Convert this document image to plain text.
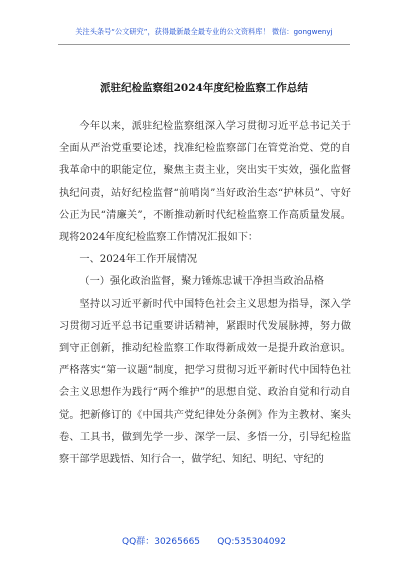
关注头条号“公文研究”，获得最新最全最专业的公文资料库！ 微信：gongwenyj
派驻纪检监察组2024年度纪检监察工作总结

今年以来，派驻纪检监察组深入学习贯彻习近平总书记关于全面从严治党重要论述，找准纪检监察部门在管党治党、党的自我革命中的职能定位，聚焦主责主业，突出实干实效，强化监督执纪问责，站好纪检监督“前哨岗”当好政治生态“护林员”、守好公正为民“清廉关”，不断推动新时代纪检监察工作高质量发展。现将2024年度纪检监察工作情况汇报如下：

一、2024年工作开展情况

（一）强化政治监督，聚力锤炼忠诚干净担当政治品格

坚持以习近平新时代中国特色社会主义思想为指导，深入学习贯彻习近平总书记重要讲话精神，紧跟时代发展脉搏，努力做到守正创新，推动纪检监察工作取得新成效一是提升政治意识。严格落实“第一议题”制度，把学习贯彻习近平新时代中国特色社会主义思想作为践行“两个维护”的思想自觉、政治自觉和行动自觉。把新修订的《中国共产党纪律处分条例》作为主教材、案头卷、工具书，做到先学一步、深学一层、多悟一分，引导纪检监察干部学思践悟、知行合一，做学纪、知纪、明纪、守纪的

QQ群：30265665 QQ:535304092
